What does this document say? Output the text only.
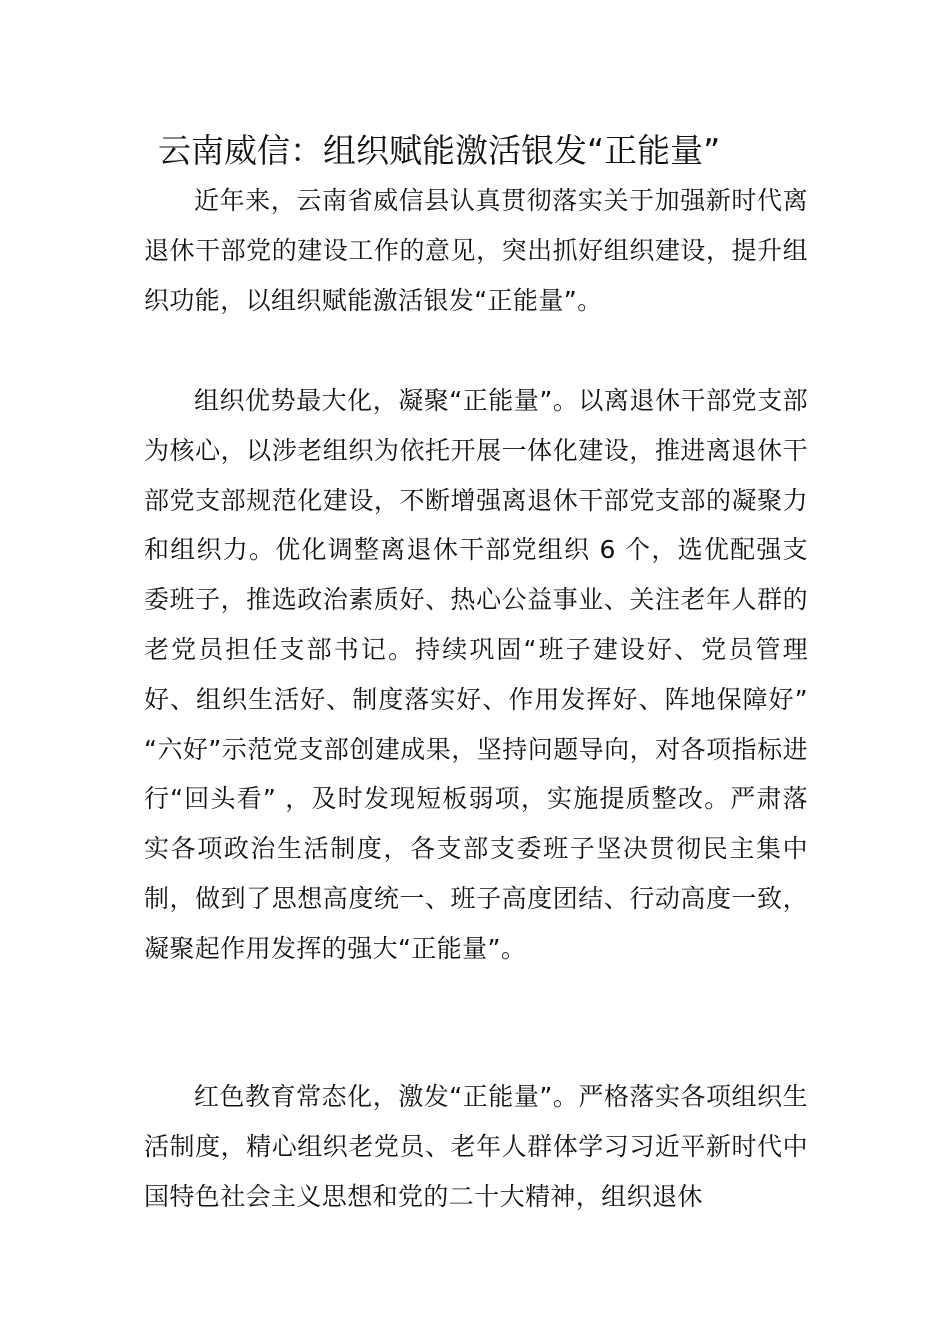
云南威信：组织赋能激活银发“正能量”

近年来，云南省威信县认真贯彻落实关于加强新时代离退休干部党的建设工作的意见，突出抓好组织建设，提升组织功能，以组织赋能激活银发“正能量”。

组织优势最大化，凝聚“正能量”。以离退休干部党支部为核心，以涉老组织为依托开展一体化建设，推进离退休干部党支部规范化建设，不断增强离退休干部党支部的凝聚力和组织力。优化调整离退休干部党组织 6 个，选优配强支委班子，推选政治素质好、热心公益事业、关注老年人群的老党员担任支部书记。持续巩固“班子建设好、党员管理好、组织生活好、制度落实好、作用发挥好、阵地保障好” “六好”示范党支部创建成果，坚持问题导向，对各项指标进行“回头看” ，及时发现短板弱项，实施提质整改。严肃落实各项政治生活制度，各支部支委班子坚决贯彻民主集中制，做到了思想高度统一、班子高度团结、行动高度一致，凝聚起作用发挥的强大“正能量”。

红色教育常态化，激发“正能量”。严格落实各项组织生活制度，精心组织老党员、老年人群体学习习近平新时代中国特色社会主义思想和党的二十大精神，组织退休
